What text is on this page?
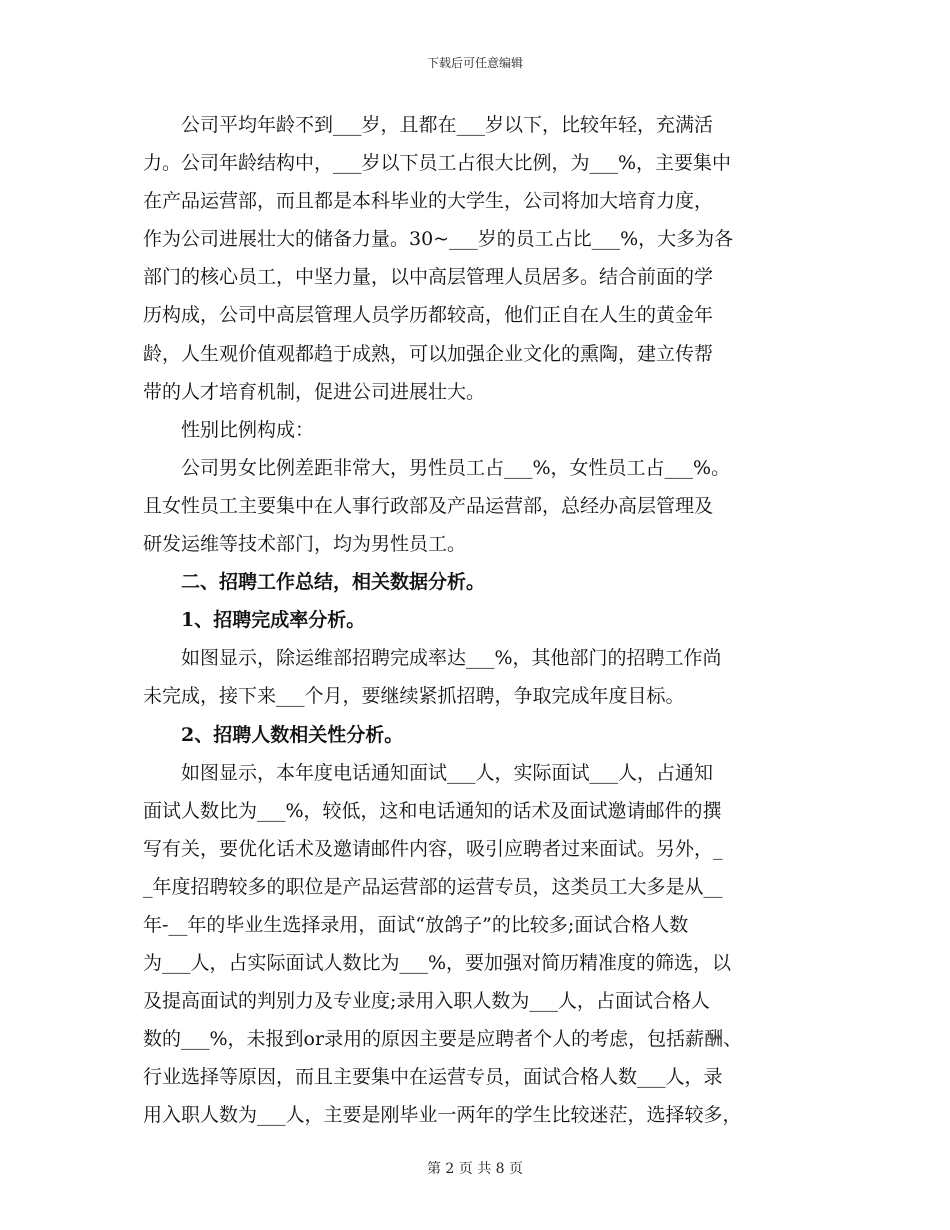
下载后可任意编辑
　　公司平均年龄不到___岁，且都在___岁以下，比较年轻，充满活
力。公司年龄结构中，___岁以下员工占很大比例，为___%，主要集中
在产品运营部，而且都是本科毕业的大学生，公司将加大培育力度，
作为公司进展壮大的储备力量。30~___岁的员工占比___%，大多为各
部门的核心员工，中坚力量，以中高层管理人员居多。结合前面的学
历构成，公司中高层管理人员学历都较高，他们正自在人生的黄金年
龄，人生观价值观都趋于成熟，可以加强企业文化的熏陶，建立传帮
带的人才培育机制，促进公司进展壮大。
　　性别比例构成：
　　公司男女比例差距非常大，男性员工占___%，女性员工占___%。
且女性员工主要集中在人事行政部及产品运营部，总经办高层管理及
研发运维等技术部门，均为男性员工。
　　二、招聘工作总结，相关数据分析。
　　1、招聘完成率分析。
　　如图显示，除运维部招聘完成率达___%，其他部门的招聘工作尚
未完成，接下来___个月，要继续紧抓招聘，争取完成年度目标。
　　2、招聘人数相关性分析。
　　如图显示，本年度电话通知面试___人，实际面试___人，占通知
面试人数比为___%，较低，这和电话通知的话术及面试邀请邮件的撰
写有关，要优化话术及邀请邮件内容，吸引应聘者过来面试。另外，_
_年度招聘较多的职位是产品运营部的运营专员，这类员工大多是从__
年-__年的毕业生选择录用，面试“放鸽子”的比较多;面试合格人数
为___人，占实际面试人数比为___%，要加强对简历精准度的筛选，以
及提高面试的判别力及专业度;录用入职人数为___人，占面试合格人
数的___%，未报到or录用的原因主要是应聘者个人的考虑，包括薪酬、
行业选择等原因，而且主要集中在运营专员，面试合格人数___人，录
用入职人数为___人，主要是刚毕业一两年的学生比较迷茫，选择较多，
第 2 页 共 8 页
